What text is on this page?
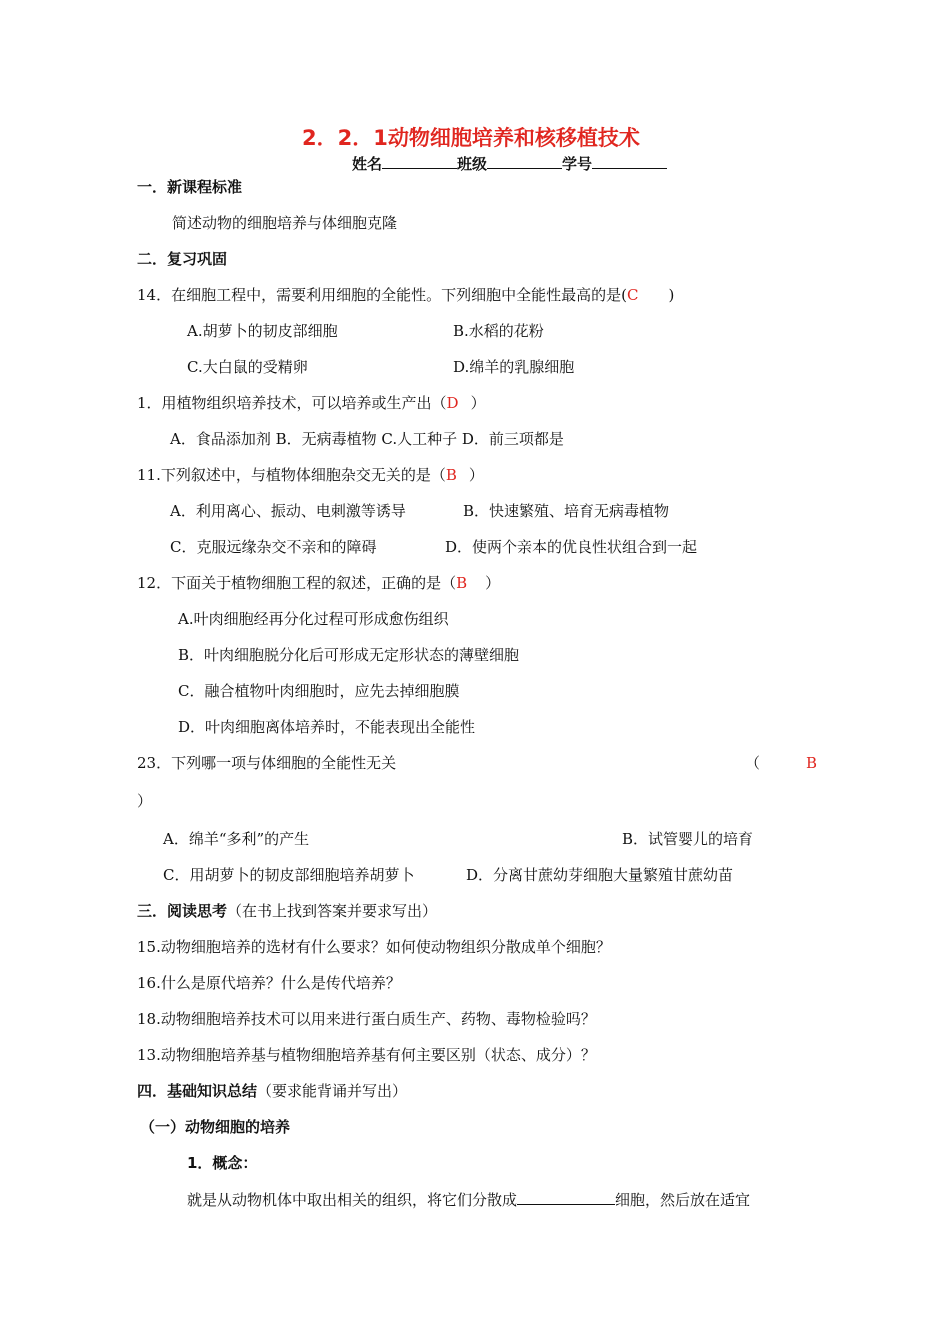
2．2．1动物细胞培养和核移植技术
姓名	班级	学号
一．新课程标准
简述动物的细胞培养与体细胞克隆
二．复习巩固
14．在细胞工程中，需要利用细胞的全能性。下列细胞中全能性最高的是(C )
A.胡萝卜的韧皮部细胞	B.水稻的花粉
C.大白鼠的受精卵	D.绵羊的乳腺细胞
1．用植物组织培养技术，可以培养或生产出（D ）
A．食品添加剂 B．无病毒植物 C.人工种子 D．前三项都是
11.下列叙述中，与植物体细胞杂交无关的是（B ）
A．利用离心、振动、电刺激等诱导	B．快速繁殖、培育无病毒植物
C．克服远缘杂交不亲和的障碍	D．使两个亲本的优良性状组合到一起
12．下面关于植物细胞工程的叙述，正确的是（B ）
A.叶肉细胞经再分化过程可形成愈伤组织
B．叶肉细胞脱分化后可形成无定形状态的薄壁细胞
C．融合植物叶肉细胞时，应先去掉细胞膜
D．叶肉细胞离体培养时，不能表现出全能性
23．下列哪一项与体细胞的全能性无关	（	B
）
A．绵羊“多利”的产生	B．试管婴儿的培育
C．用胡萝卜的韧皮部细胞培养胡萝卜	D．分离甘蔗幼芽细胞大量繁殖甘蔗幼苗
三．阅读思考（在书上找到答案并要求写出）
15.动物细胞培养的选材有什么要求？如何使动物组织分散成单个细胞？
16.什么是原代培养？什么是传代培养？
18.动物细胞培养技术可以用来进行蛋白质生产、药物、毒物检验吗？
13.动物细胞培养基与植物细胞培养基有何主要区别（状态、成分）？
四．基础知识总结（要求能背诵并写出）
（一）动物细胞的培养
1．概念：
就是从动物机体中取出相关的组织，将它们分散成	细胞，然后放在适宜
